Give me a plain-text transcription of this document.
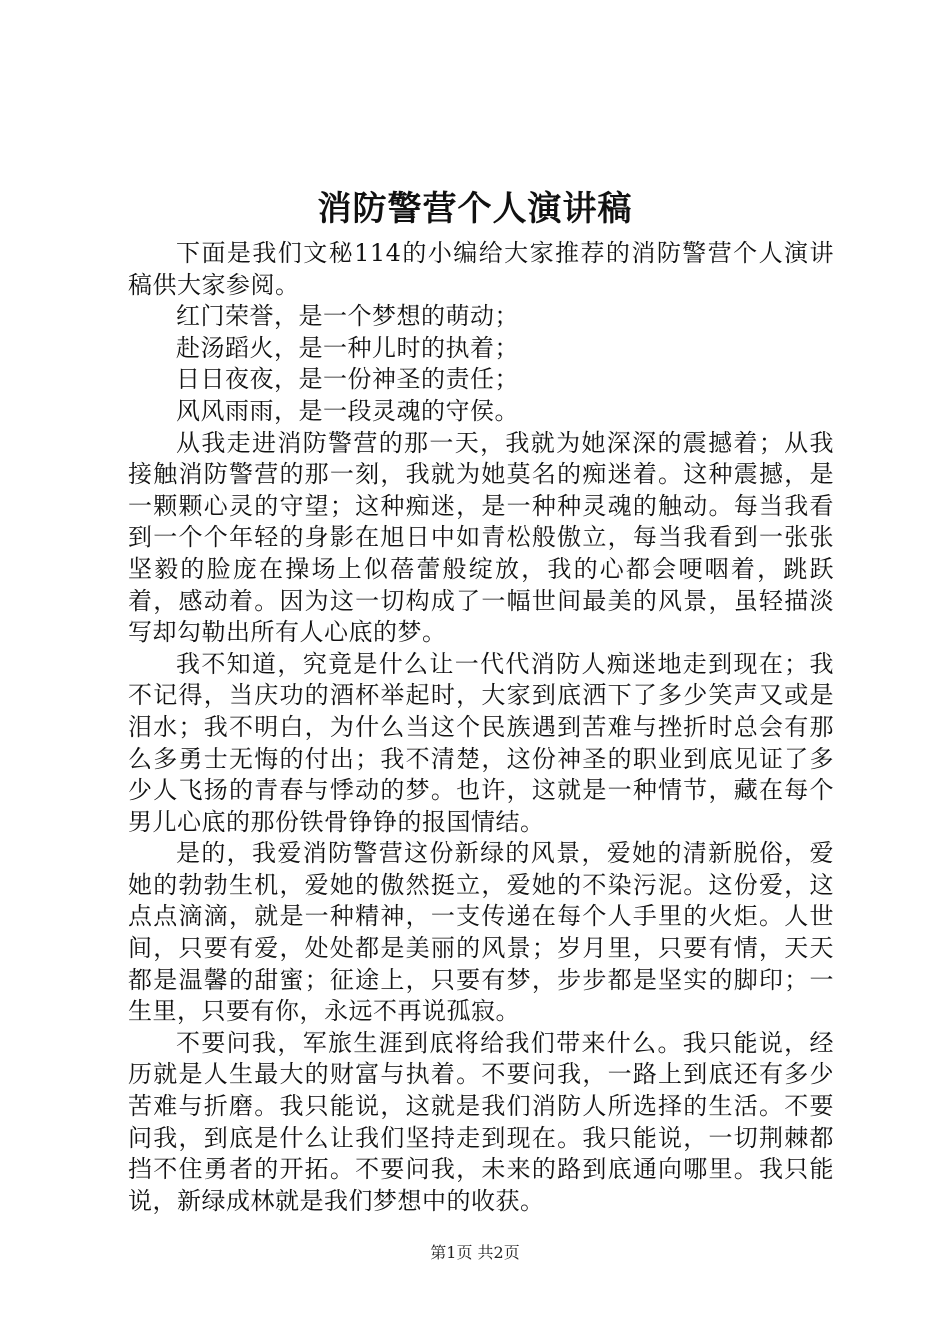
消防警营个人演讲稿

下面是我们文秘114的小编给大家推荐的消防警营个人演讲稿供大家参阅。

红门荣誉，是一个梦想的萌动；

赴汤蹈火，是一种儿时的执着；

日日夜夜，是一份神圣的责任；

风风雨雨，是一段灵魂的守侯。

从我走进消防警营的那一天，我就为她深深的震撼着；从我接触消防警营的那一刻，我就为她莫名的痴迷着。这种震撼，是一颗颗心灵的守望；这种痴迷，是一种种灵魂的触动。每当我看到一个个年轻的身影在旭日中如青松般傲立，每当我看到一张张坚毅的脸庞在操场上似蓓蕾般绽放，我的心都会哽咽着，跳跃着，感动着。因为这一切构成了一幅世间最美的风景，虽轻描淡写却勾勒出所有人心底的梦。

我不知道，究竟是什么让一代代消防人痴迷地走到现在；我不记得，当庆功的酒杯举起时，大家到底洒下了多少笑声又或是泪水；我不明白，为什么当这个民族遇到苦难与挫折时总会有那么多勇士无悔的付出；我不清楚，这份神圣的职业到底见证了多少人飞扬的青春与悸动的梦。也许，这就是一种情节，藏在每个男儿心底的那份铁骨铮铮的报国情结。

是的，我爱消防警营这份新绿的风景，爱她的清新脱俗，爱她的勃勃生机，爱她的傲然挺立，爱她的不染污泥。这份爱，这点点滴滴，就是一种精神，一支传递在每个人手里的火炬。人世间，只要有爱，处处都是美丽的风景；岁月里，只要有情，天天都是温馨的甜蜜；征途上，只要有梦，步步都是坚实的脚印；一生里，只要有你，永远不再说孤寂。

不要问我，军旅生涯到底将给我们带来什么。我只能说，经历就是人生最大的财富与执着。不要问我，一路上到底还有多少苦难与折磨。我只能说，这就是我们消防人所选择的生活。不要问我，到底是什么让我们坚持走到现在。我只能说，一切荆棘都挡不住勇者的开拓。不要问我，未来的路到底通向哪里。我只能说，新绿成林就是我们梦想中的收获。

第1页 共2页
